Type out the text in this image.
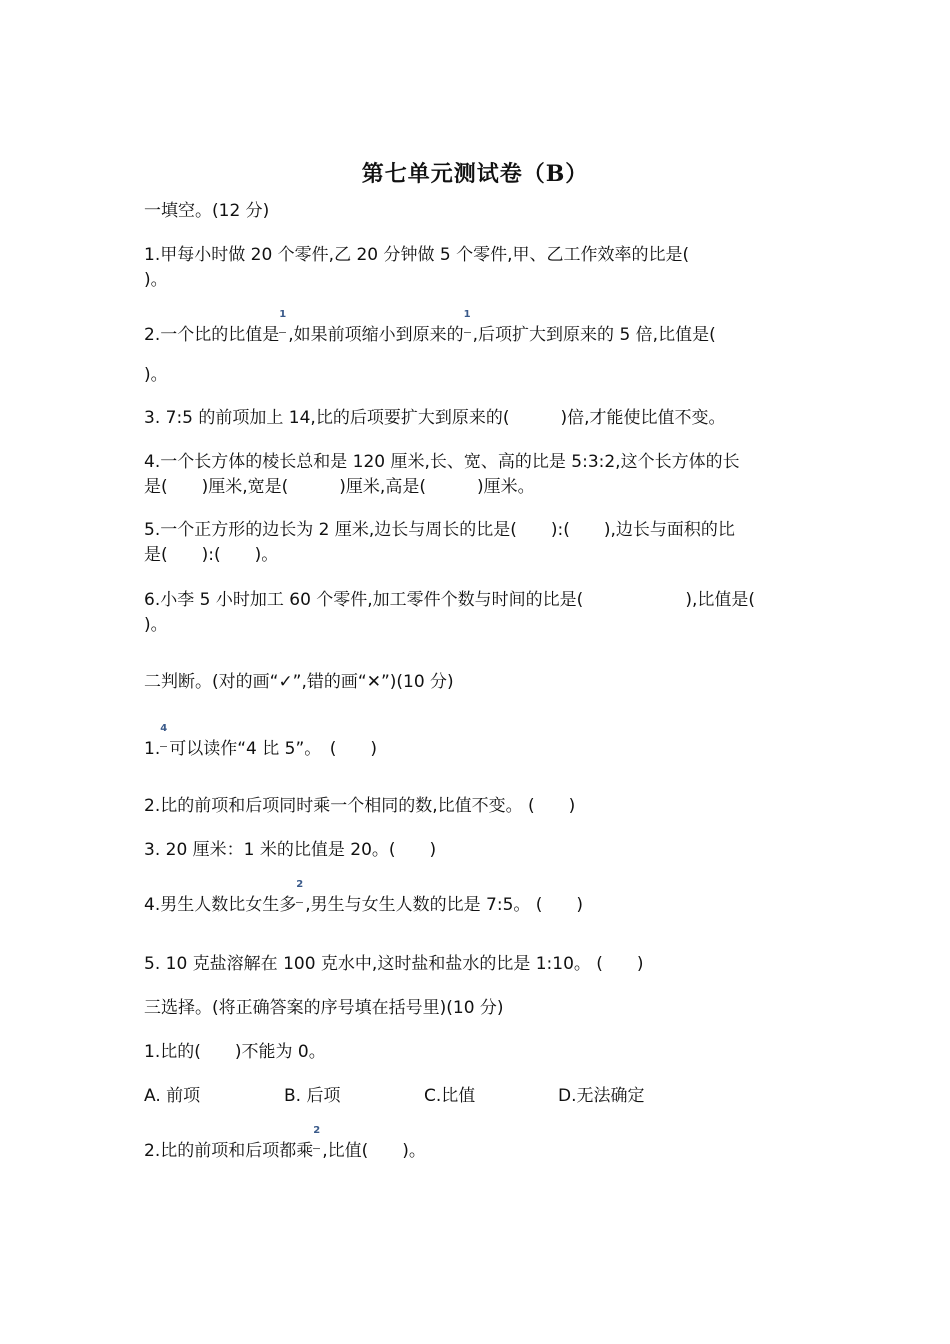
第七单元测试卷（B）
一填空。(12 分)
1.甲每小时做 20 个零件,乙 20 分钟做 5 个零件,甲、乙工作效率的比是(
)。
2.一个比的比值是
1
,如果前项缩小到原来的
1
,后项扩大到原来的 5 倍,比值是(
)。
3. 7:5 的前项加上 14,比的后项要扩大到原来的(　　　)倍,才能使比值不变。
4.一个长方体的棱长总和是 120 厘米,长、宽、高的比是 5:3:2,这个长方体的长
是(　　)厘米,宽是(　　　)厘米,高是(　　　)厘米。
5.一个正方形的边长为 2 厘米,边长与周长的比是(　　):(　　),边长与面积的比
是(　　):(　　)。
6.小李 5 小时加工 60 个零件,加工零件个数与时间的比是(　　　　　　),比值是(
)。
二判断。(对的画“✓”,错的画“✕”)(10 分)
1.
4
可以读作“4 比 5”。　(　　)
2.比的前项和后项同时乘一个相同的数,比值不变。 (　　)
3. 20 厘米：1 米的比值是 20。(　　)
4.男生人数比女生多
2
,男生与女生人数的比是 7:5。 (　　)
5. 10 克盐溶解在 100 克水中,这时盐和盐水的比是 1:10。 (　　)
三选择。(将正确答案的序号填在括号里)(10 分)
1.比的(　　)不能为 0。
A. 前项	B. 后项	C.比值	D.无法确定
2.比的前项和后项都乘
2
,比值(　　)。
